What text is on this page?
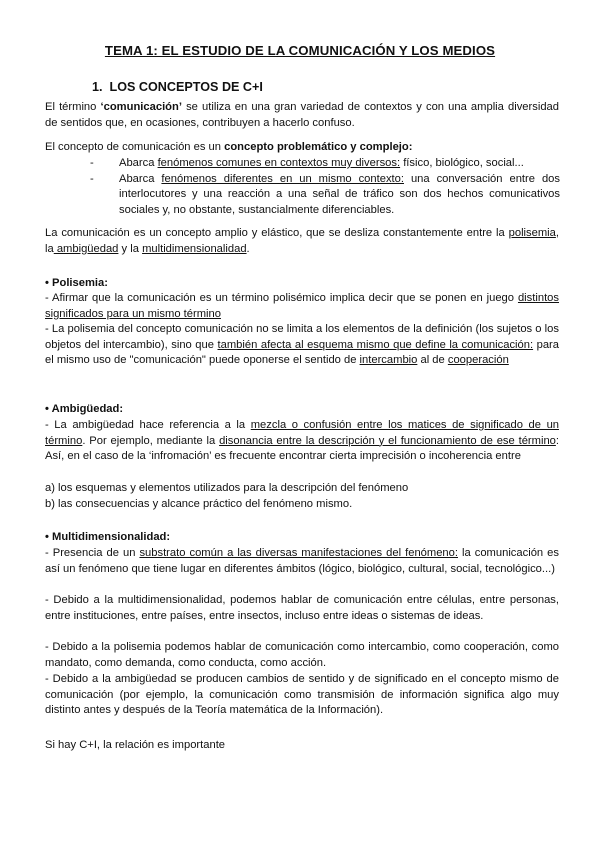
TEMA 1: EL ESTUDIO DE LA COMUNICACIÓN Y LOS MEDIOS
1. LOS CONCEPTOS DE C+I

El término ‘comunicación’ se utiliza en una gran variedad de contextos y con una amplia diversidad de sentidos que, en ocasiones, contribuyen a hacerlo confuso.

El concepto de comunicación es un concepto problemático y complejo:

- Abarca fenómenos comunes en contextos muy diversos: físico, biológico, social...
- Abarca fenómenos diferentes en un mismo contexto: una conversación entre dos interlocutores y una reacción a una señal de tráfico son dos hechos comunicativos sociales y, no obstante, sustancialmente diferenciables.

La comunicación es un concepto amplio y elástico, que se desliza constantemente entre la polisemia, la ambigüedad y la multidimensionalidad.

• Polisemia:

- Afirmar que la comunicación es un término polisémico implica decir que se ponen en juego distintos significados para un mismo término

- La polisemia del concepto comunicación no se limita a los elementos de la definición (los sujetos o los objetos del intercambio), sino que también afecta al esquema mismo que define la comunicación: para el mismo uso de "comunicación" puede oponerse el sentido de intercambio al de cooperación

• Ambigüedad:

- La ambigüedad hace referencia a la mezcla o confusión entre los matices de significado de un término. Por ejemplo, mediante la disonancia entre la descripción y el funcionamiento de ese término: Así, en el caso de la ‘infromación’ es frecuente encontrar cierta imprecisión o incoherencia entre

a) los esquemas y elementos utilizados para la descripción del fenómeno

b) las consecuencias y alcance práctico del fenómeno mismo.

• Multidimensionalidad:

- Presencia de un substrato común a las diversas manifestaciones del fenómeno: la comunicación es así un fenómeno que tiene lugar en diferentes ámbitos (lógico, biológico, cultural, social, tecnológico...)

- Debido a la multidimensionalidad, podemos hablar de comunicación entre células, entre personas, entre instituciones, entre países, entre insectos, incluso entre ideas o sistemas de ideas.

- Debido a la polisemia podemos hablar de comunicación como intercambio, como cooperación, como mandato, como demanda, como conducta, como acción.

- Debido a la ambigüedad se producen cambios de sentido y de significado en el concepto mismo de comunicación (por ejemplo, la comunicación como transmisión de información significa algo muy distinto antes y después de la Teoría matemática de la Información).

Si hay C+I, la relación es importante
